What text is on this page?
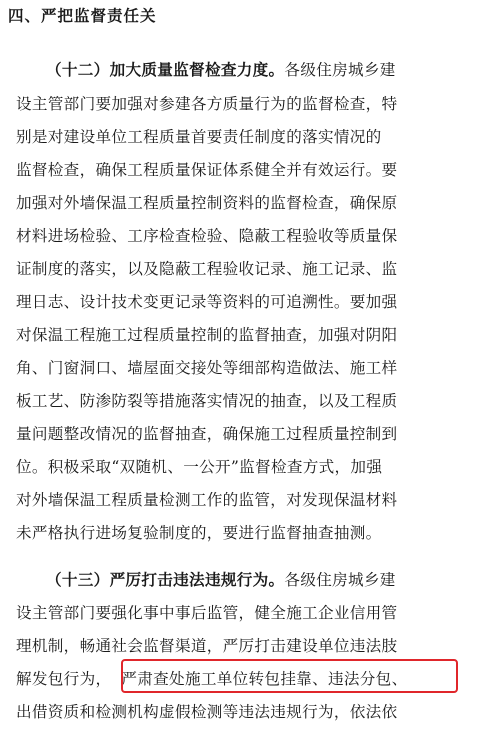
四、严把监督责任关
（十二）加大质量监督检查力度。各级住房城乡建
设主管部门要加强对参建各方质量行为的监督检查，特
别是对建设单位工程质量首要责任制度的落实情况的
监督检查，确保工程质量保证体系健全并有效运行。要
加强对外墙保温工程质量控制资料的监督检查，确保原
材料进场检验、工序检查检验、隐蔽工程验收等质量保
证制度的落实，以及隐蔽工程验收记录、施工记录、监
理日志、设计技术变更记录等资料的可追溯性。要加强
对保温工程施工过程质量控制的监督抽查，加强对阴阳
角、门窗洞口、墙屋面交接处等细部构造做法、施工样
板工艺、防渗防裂等措施落实情况的抽查，以及工程质
量问题整改情况的监督抽查，确保施工过程质量控制到
位。积极采取“双随机、一公开”监督检查方式，加强
对外墙保温工程质量检测工作的监管，对发现保温材料
未严格执行进场复验制度的，要进行监督抽查抽测。
（十三）严厉打击违法违规行为。各级住房城乡建
设主管部门要强化事中事后监管，健全施工企业信用管
理机制，畅通社会监督渠道，严厉打击建设单位违法肢
解发包行为， 严肃查处施工单位转包挂靠、违法分包、
出借资质和检测机构虚假检测等违法违规行为，依法依
